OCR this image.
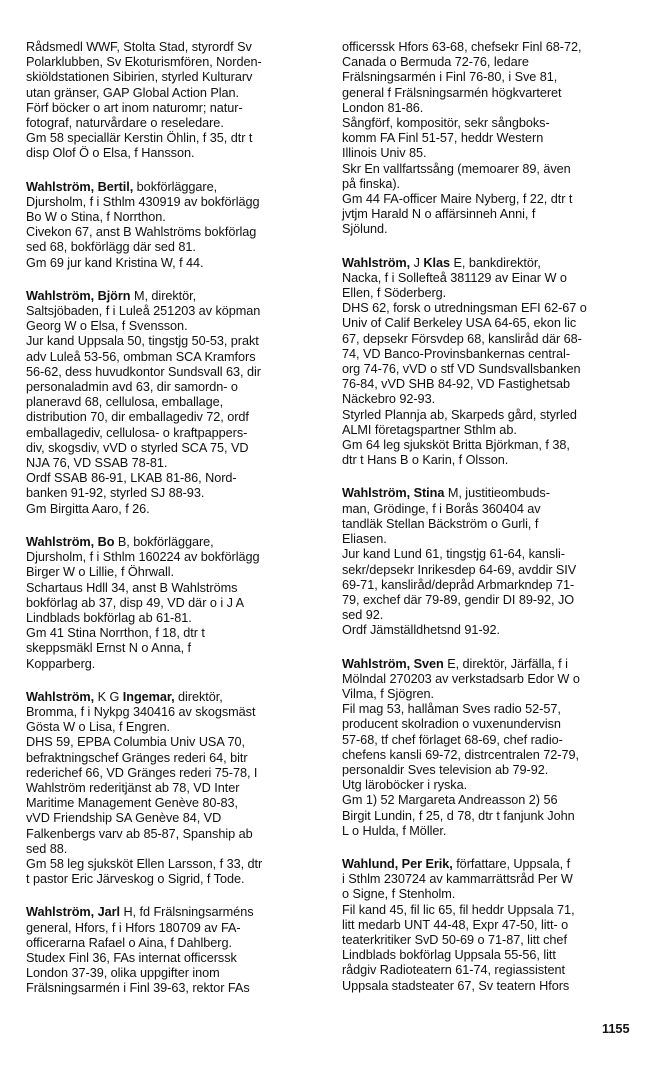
Rådsmedl WWF, Stolta Stad, styrordf Sv
Polarklubben, Sv Ekoturismfören, Norden-
skiöldstationen Sibirien, styrled Kulturarv
utan gränser, GAP Global Action Plan.
Förf böcker o art inom naturomr; natur-
fotograf, naturvårdare o reseledare.
Gm 58 speciallär Kerstin Öhlin, f 35, dtr t
disp Olof Ö o Elsa, f Hansson.
Wahlström, Bertil, bokförläggare,
Djursholm, f i Sthlm 430919 av bokförlägg
Bo W o Stina, f Norrthon.
Civekon 67, anst B Wahlströms bokförlag
sed 68, bokförlägg där sed 81.
Gm 69 jur kand Kristina W, f 44.
Wahlström, Björn M, direktör,
Saltsjöbaden, f i Luleå 251203 av köpman
Georg W o Elsa, f Svensson.
Jur kand Uppsala 50, tingstjg 50-53, prakt
adv Luleå 53-56, ombman SCA Kramfors
56-62, dess huvudkontor Sundsvall 63, dir
personaladmin avd 63, dir samordn- o
planeravd 68, cellulosa, emballage,
distribution 70, dir emballagediv 72, ordf
emballagediv, cellulosa- o kraftpappers-
div, skogsdiv, vVD o styrled SCA 75, VD
NJA 76, VD SSAB 78-81.
Ordf SSAB 86-91, LKAB 81-86, Nord-
banken 91-92, styrled SJ 88-93.
Gm Birgitta Aaro, f 26.
Wahlström, Bo B, bokförläggare,
Djursholm, f i Sthlm 160224 av bokförlägg
Birger W o Lillie, f Öhrwall.
Schartaus Hdll 34, anst B Wahlströms
bokförlag ab 37, disp 49, VD där o i J A
Lindblads bokförlag ab 61-81.
Gm 41 Stina Norrthon, f 18, dtr t
skeppsmäkl Ernst N o Anna, f
Kopparberg.
Wahlström, K G Ingemar, direktör,
Bromma, f i Nykpg 340416 av skogsmäst
Gösta W o Lisa, f Engren.
DHS 59, EPBA Columbia Univ USA 70,
befraktningschef Gränges rederi 64, bitr
rederichef 66, VD Gränges rederi 75-78, I
Wahlström rederitjänst ab 78, VD Inter
Maritime Management Genève 80-83,
vVD Friendship SA Genève 84, VD
Falkenbergs varv ab 85-87, Spanship ab
sed 88.
Gm 58 leg sjuksköt Ellen Larsson, f 33, dtr
t pastor Eric Järveskog o Sigrid, f Tode.
Wahlström, Jarl H, fd Frälsningsarméns
general, Hfors, f i Hfors 180709 av FA-
officerarna Rafael o Aina, f Dahlberg.
Studex Finl 36, FAs internat officerssk
London 37-39, olika uppgifter inom
Frälsningsarmén i Finl 39-63, rektor FAs
officerssk Hfors 63-68, chefsekr Finl 68-72,
Canada o Bermuda 72-76, ledare
Frälsningsarmén i Finl 76-80, i Sve 81,
general f Frälsningsarmén högkvarteret
London 81-86.
Sångförf, kompositör, sekr sångboks-
komm FA Finl 51-57, heddr Western
Illinois Univ 85.
Skr En vallfartssång (memoarer 89, även
på finska).
Gm 44 FA-officer Maire Nyberg, f 22, dtr t
jvtjm Harald N o affärsinneh Anni, f
Sjölund.
Wahlström, J Klas E, bankdirektör,
Nacka, f i Sollefteå 381129 av Einar W o
Ellen, f Söderberg.
DHS 62, forsk o utredningsman EFI 62-67 o
Univ of Calif Berkeley USA 64-65, ekon lic
67, depsekr Försvdep 68, kanslіråd där 68-
74, VD Banco-Provinsbankernas central-
org 74-76, vVD o stf VD Sundsvallsbanken
76-84, vVD SHB 84-92, VD Fastighetsab
Näckebro 92-93.
Styrled Plannja ab, Skarpeds gård, styrled
ALMI företagspartner Sthlm ab.
Gm 64 leg sjuksköt Britta Björkman, f 38,
dtr t Hans B o Karin, f Olsson.
Wahlström, Stina M, justitieombuds-
man, Grödinge, f i Borås 360404 av
tandläk Stellan Bäckström o Gurli, f
Eliasen.
Jur kand Lund 61, tingstjg 61-64, kansli-
sekr/depsekr Inrikesdep 64-69, avddir SIV
69-71, kanslіråd/depråd Arbmarkndep 71-
79, exchef där 79-89, gendir DI 89-92, JO
sed 92.
Ordf Jämställdhetsnd 91-92.
Wahlström, Sven E, direktör, Järfälla, f i
Mölndal 270203 av verkstadsarb Edor W o
Vilma, f Sjögren.
Fil mag 53, hallåman Sves radio 52-57,
producent skolradion o vuxenundervisn
57-68, tf chef förlaget 68-69, chef radio-
chefens kansli 69-72, distrcentralen 72-79,
personaldir Sves television ab 79-92.
Utg läroböcker i ryska.
Gm 1) 52 Margareta Andreasson 2) 56
Birgit Lundin, f 25, d 78, dtr t fanjunk John
L o Hulda, f Möller.
Wahlund, Per Erik, författare, Uppsala, f
i Sthlm 230724 av kammarrättsråd Per W
o Signe, f Stenholm.
Fil kand 45, fil lic 65, fil heddr Uppsala 71,
litt medarb UNT 44-48, Expr 47-50, litt- o
teaterkritiker SvD 50-69 o 71-87, litt chef
Lindblads bokförlag Uppsala 55-56, litt
rådgiv Radioteatern 61-74, regiassistent
Uppsala stadsteater 67, Sv teatern Hfors
1155
